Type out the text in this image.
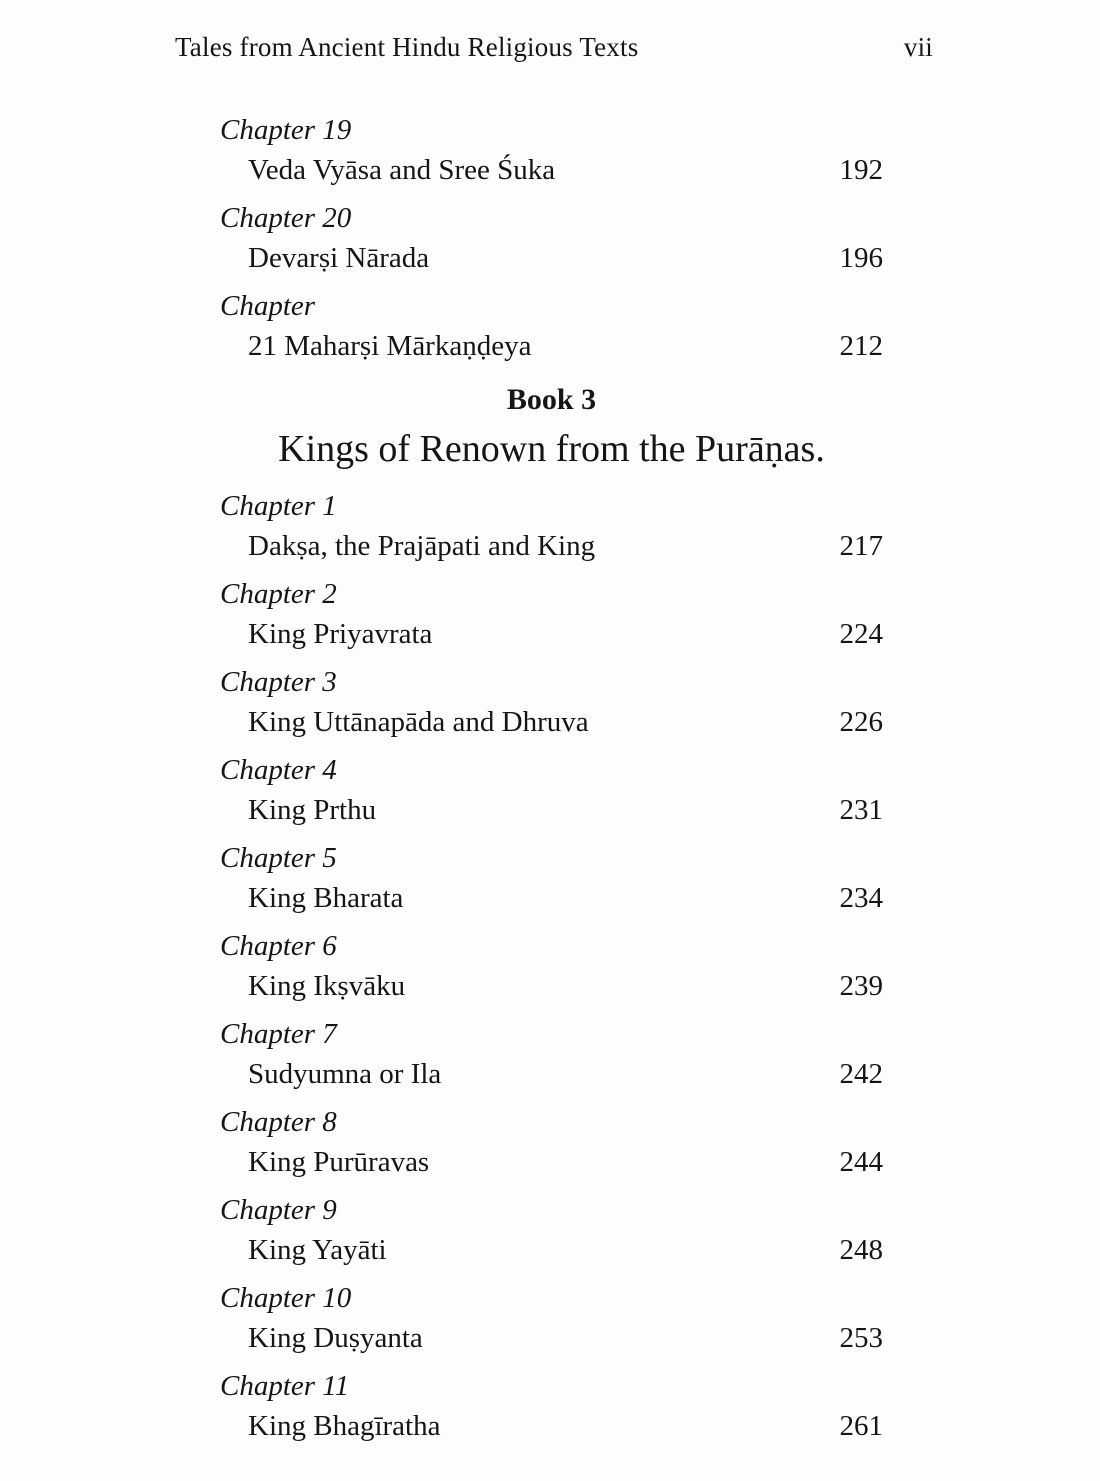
Tales from Ancient Hindu Religious Texts	vii
Chapter 19
Veda Vyāsa and Sree Śuka	192
Chapter 20
Devarṣi Nārada	196
Chapter
21 Maharṣi Mārkaṇḍeya	212
Book 3
Kings of Renown from the Purāṇas.
Chapter 1
Dakṣa, the Prajāpati and King	217
Chapter 2
King Priyavrata	224
Chapter 3
King Uttānapāda and Dhruva	226
Chapter 4
King Prthu	231
Chapter 5
King Bharata	234
Chapter 6
King Ikṣvāku	239
Chapter 7
Sudyumna or Ila	242
Chapter 8
King Purūravas	244
Chapter 9
King Yayāti	248
Chapter 10
King Duṣyanta	253
Chapter 11
King Bhagīratha	261
